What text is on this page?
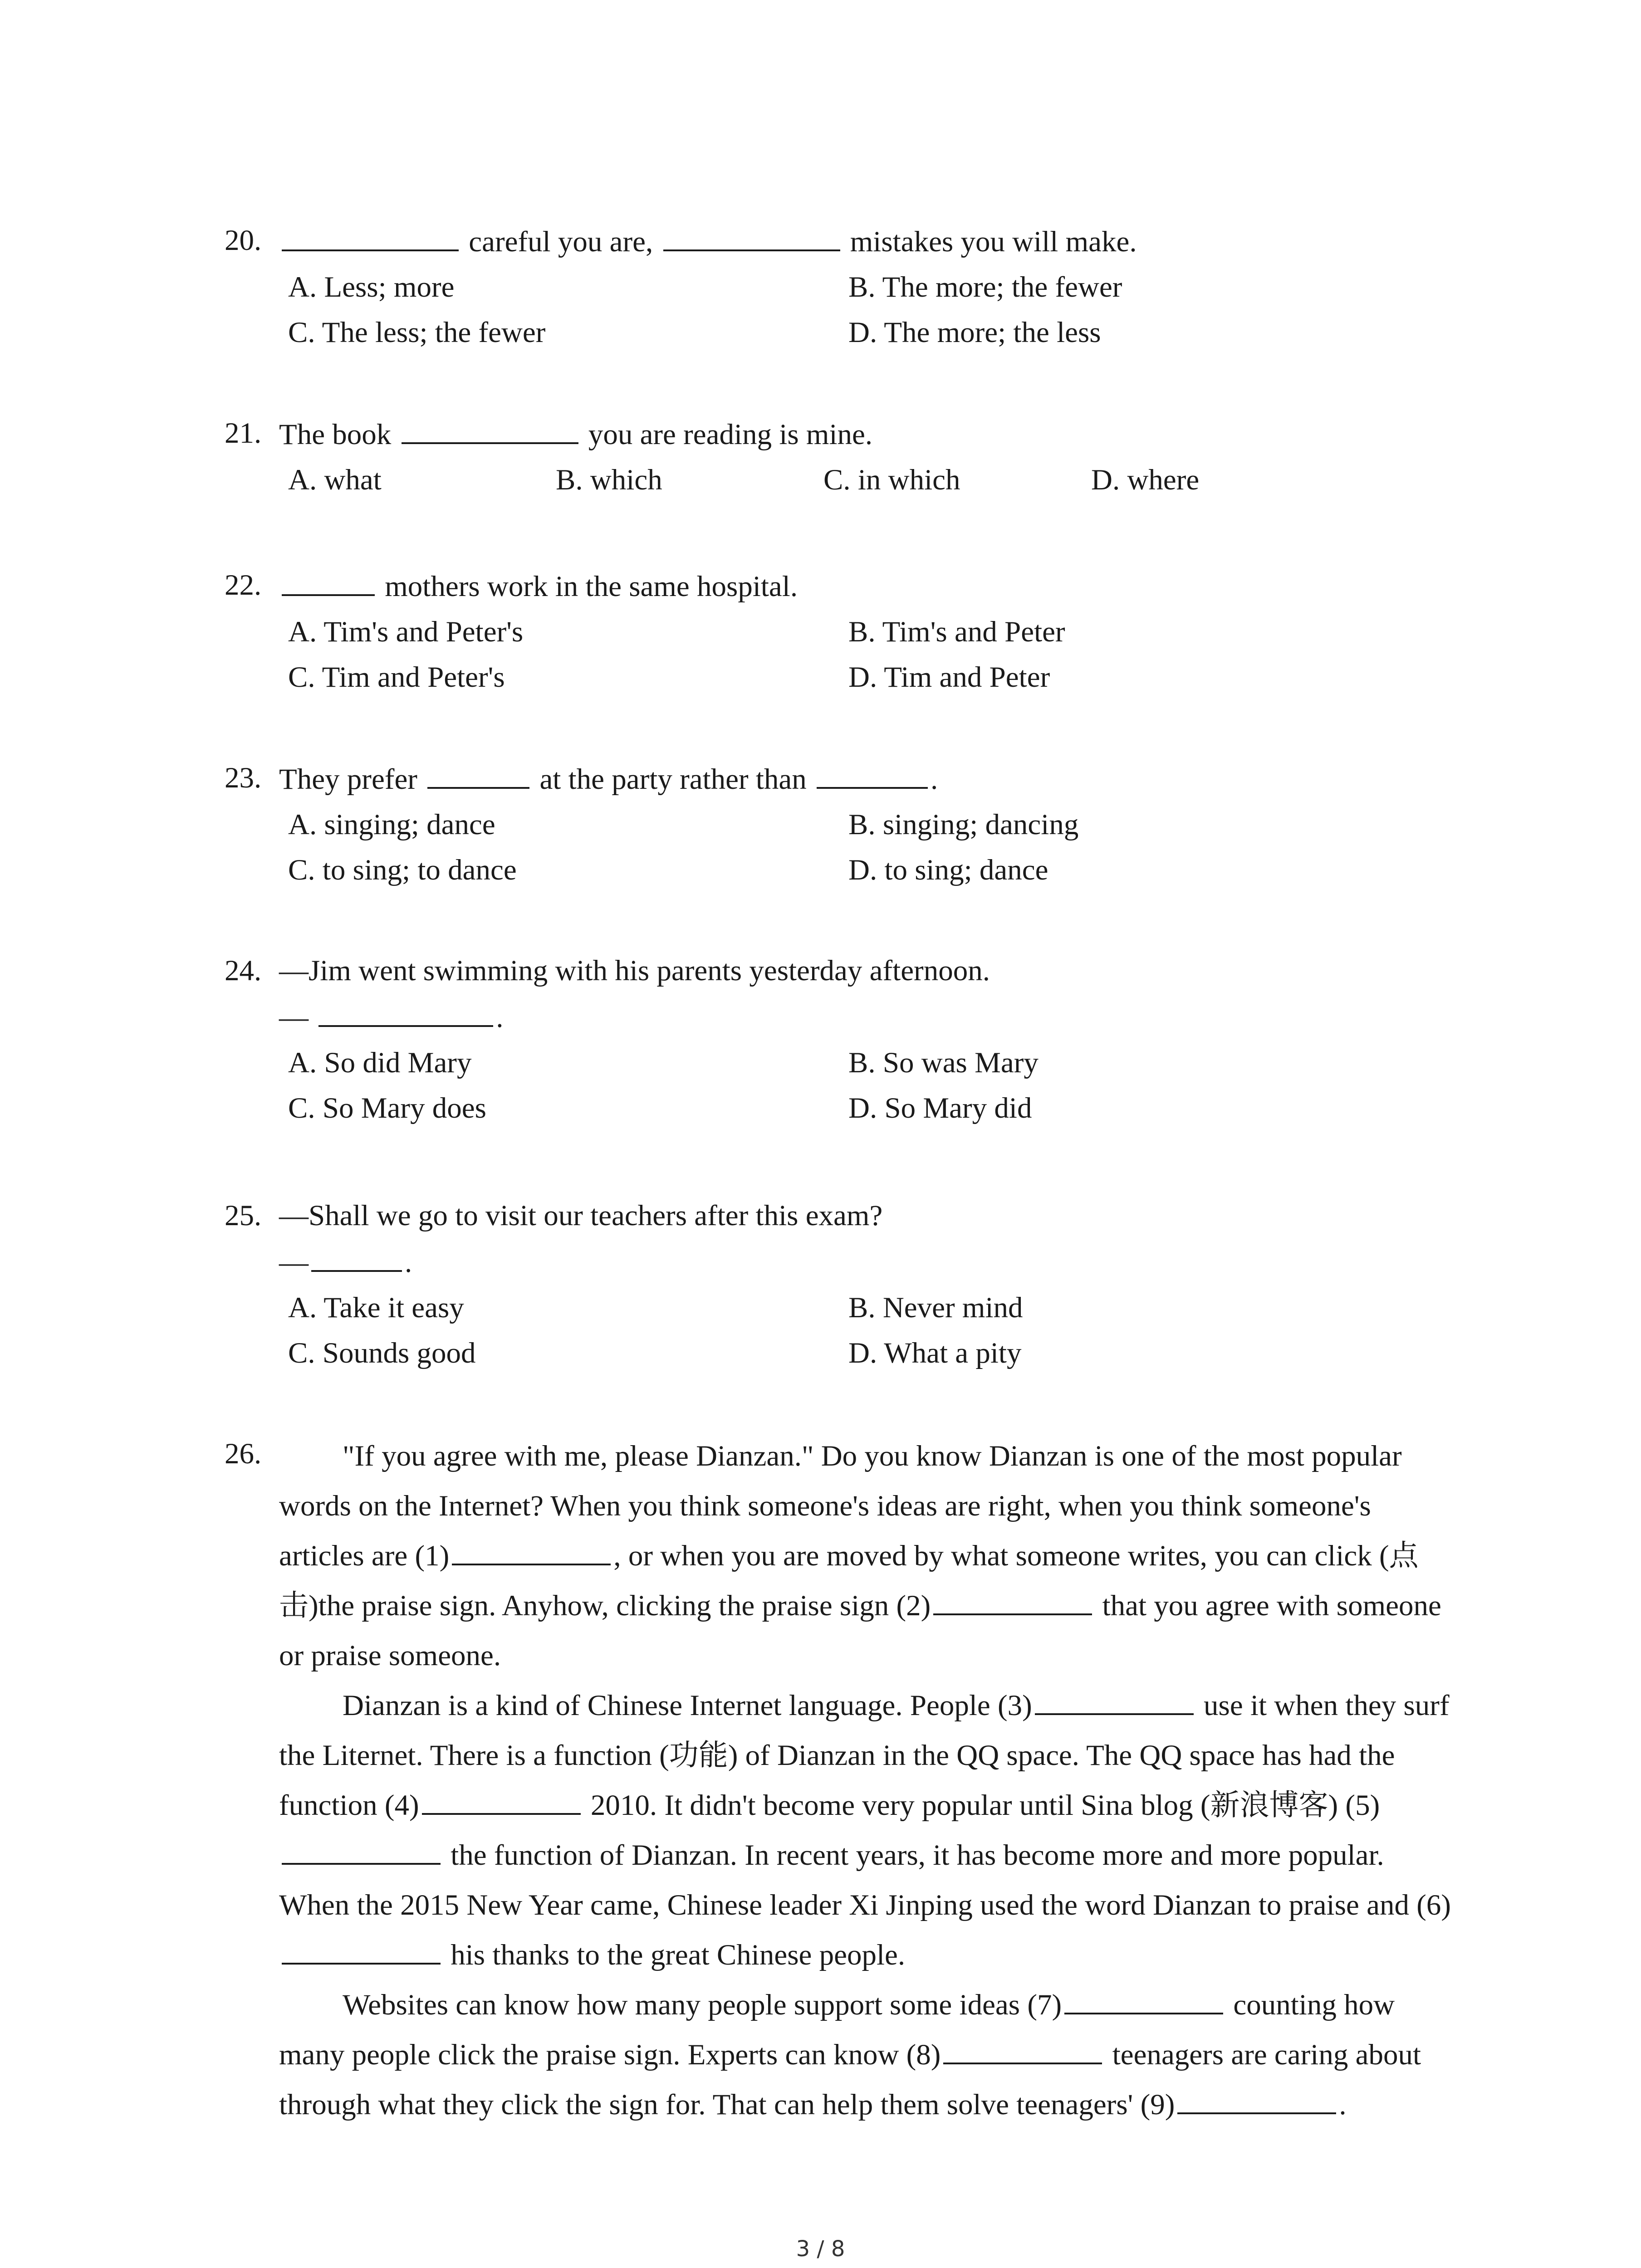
20.	careful you are,	mistakes you will make.
A. Less; more	B. The more; the fewer
C. The less; the fewer	D. The more; the less
21. The book	you are reading is mine.
A. what	B. which	C. in which	D. where
22.	mothers work in the same hospital.
A. Tim's and Peter's	B. Tim's and Peter
C. Tim and Peter's	D. Tim and Peter
23. They prefer	at the party rather than	.
A. singing; dance	B. singing; dancing
C. to sing; to dance	D. to sing; dance
24. —Jim went swimming with his parents yesterday afternoon.
—	.
A. So did Mary	B. So was Mary
C. So Mary does	D. So Mary did
25. —Shall we go to visit our teachers after this exam?
—	.
A. Take it easy	B. Never mind
C. Sounds good	D. What a pity
26.	"If you agree with me, please Dianzan." Do you know Dianzan is one of the most popular words on the Internet? When you think someone's ideas are right, when you think someone's articles are (1)	, or when you are moved by what someone writes, you can click (点击)the praise sign. Anyhow, clicking the praise sign (2)	that you agree with someone or praise someone.

Dianzan is a kind of Chinese Internet language. People (3)	use it when they surf the Liternet. There is a function (功能) of Dianzan in the QQ space. The QQ space has had the function (4)	2010. It didn't become very popular until Sina blog (新浪博客) (5) the function of Dianzan. In recent years, it has become more and more popular. When the 2015 New Year came, Chinese leader Xi Jinping used the word Dianzan to praise and (6) his thanks to the great Chinese people.

Websites can know how many people support some ideas (7)	counting how many people click the praise sign. Experts can know (8)	teenagers are caring about through what they click the sign for. That can help them solve teenagers' (9)	.

3 / 8
